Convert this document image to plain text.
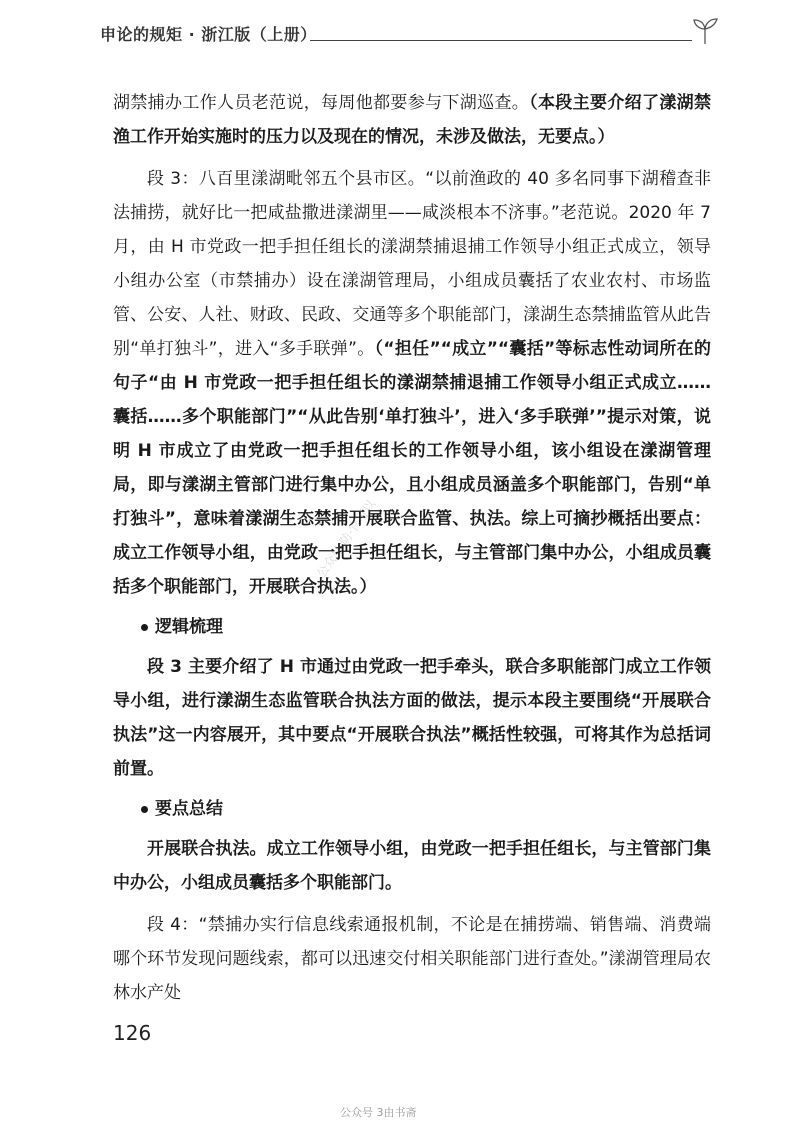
申论的规矩 · 浙江版（上册）

湖禁捕办工作人员老范说，每周他都要参与下湖巡查。（本段主要介绍了漾湖禁渔工作开始实施时的压力以及现在的情况，未涉及做法，无要点。）

段 3：八百里漾湖毗邻五个县市区。“以前渔政的 40 多名同事下湖稽查非法捕捞，就好比一把咸盐撒进漾湖里——咸淡根本不济事。”老范说。2020 年 7 月，由 H 市党政一把手担任组长的漾湖禁捕退捕工作领导小组正式成立，领导小组办公室（市禁捕办）设在漾湖管理局，小组成员囊括了农业农村、市场监管、公安、人社、财政、民政、交通等多个职能部门，漾湖生态禁捕监管从此告别“单打独斗”，进入“多手联弹”。（“担任”“成立”“囊括”等标志性动词所在的句子“由 H 市党政一把手担任组长的漾湖禁捕退捕工作领导小组正式成立……囊括……多个职能部门”“从此告别‘单打独斗’，进入‘多手联弹’”提示对策，说明 H 市成立了由党政一把手担任组长的工作领导小组，该小组设在漾湖管理局，即与漾湖主管部门进行集中办公，且小组成员涵盖多个职能部门，告别“单打独斗”，意味着漾湖生态禁捕开展联合监管、执法。综上可摘抄概括出要点：成立工作领导小组，由党政一把手担任组长，与主管部门集中办公，小组成员囊括多个职能部门，开展联合执法。）

逻辑梳理

段 3 主要介绍了 H 市通过由党政一把手牵头，联合多职能部门成立工作领导小组，进行漾湖生态监管联合执法方面的做法，提示本段主要围绕“开展联合执法”这一内容展开，其中要点“开展联合执法”概括性较强，可将其作为总括词前置。

要点总结

开展联合执法。成立工作领导小组，由党政一把手担任组长，与主管部门集中办公，小组成员囊括多个职能部门。

段 4：“禁捕办实行信息线索通报机制，不论是在捕捞端、销售端、消费端哪个环节发现问题线索，都可以迅速交付相关职能部门进行查处。”漾湖管理局农林水产处

公众号 防·官可以
126
公众号 3由书斋
